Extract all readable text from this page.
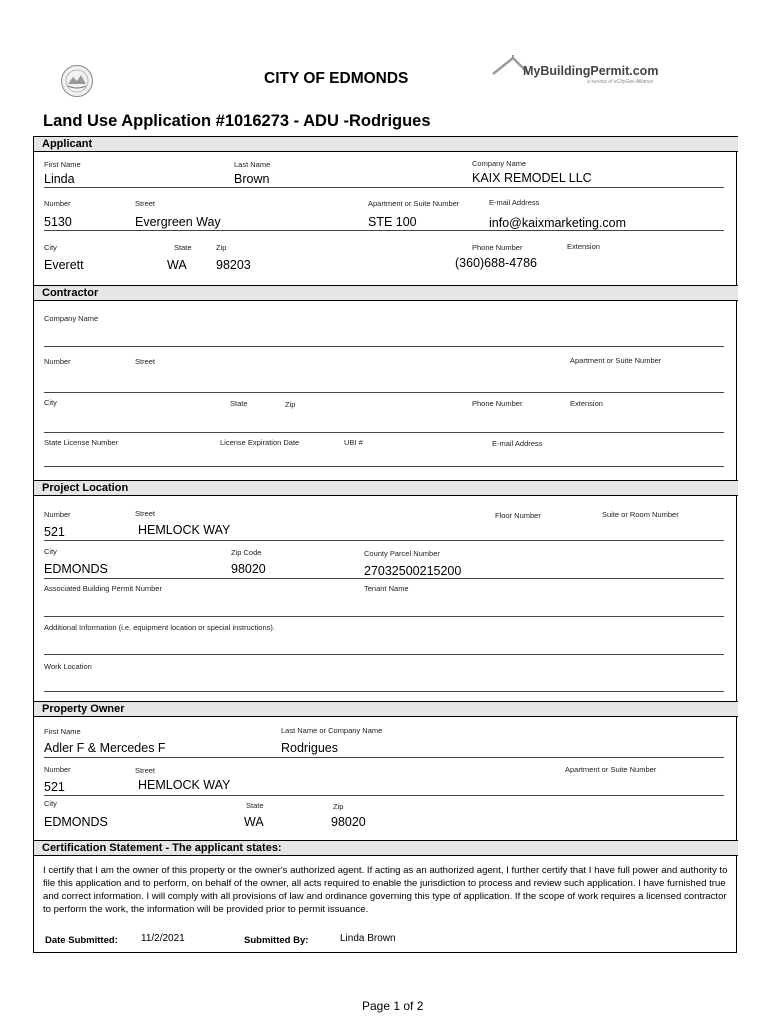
CITY OF EDMONDS	MyBuildingPermit.com
a service of eCityGov Alliance
Land Use Application #1016273 - ADU -Rodrigues
Applicant
First Name	Last Name	Company Name
Linda	Brown	KAIX REMODEL LLC
Number	Street	Apartment or Suite Number	E-mail Address
5130	Evergreen Way	STE 100	info@kaixmarketing.com
City	State	Zip	Phone Number	Extension
Everett	WA 98203	(360)688-4786
Contractor
Company Name
Number	Street	Apartment or Suite Number
City	State	Zip	Phone Number	Extension
State License Number	License Expiration Date	UBI #	E-mail Address
Project Location
Number	Street	Floor Number	Suite or Room Number
521	HEMLOCK WAY
City	Zip Code	County Parcel Number
EDMONDS	98020	27032500215200
Associated Building Permit Number	Tenant Name
Additional Information (i.e. equipment location or special instructions).
Work Location
Property Owner
First Name	Last Name or Company Name
Adler F & Mercedes F	Rodrigues
Number	Street	Apartment or Suite Number
521	HEMLOCK WAY
City	State	Zip
EDMONDS	WA	98020
Certification Statement - The applicant states:
I certify that I am the owner of this property or the owner's authorized agent. If acting as an authorized agent, I further certify that I have full power and authority to file this application and to perform, on behalf of the owner, all acts required to enable the jurisdiction to process and review such application. I have furnished true and correct information. I will comply with all provisions of law and ordinance governing this type of application. If the scope of work requires a licensed contractor to perform the work, the information will be provided prior to permit issuance.
Date Submitted: 11/2/2021	Submitted By:	Linda Brown
Page 1 of 2
